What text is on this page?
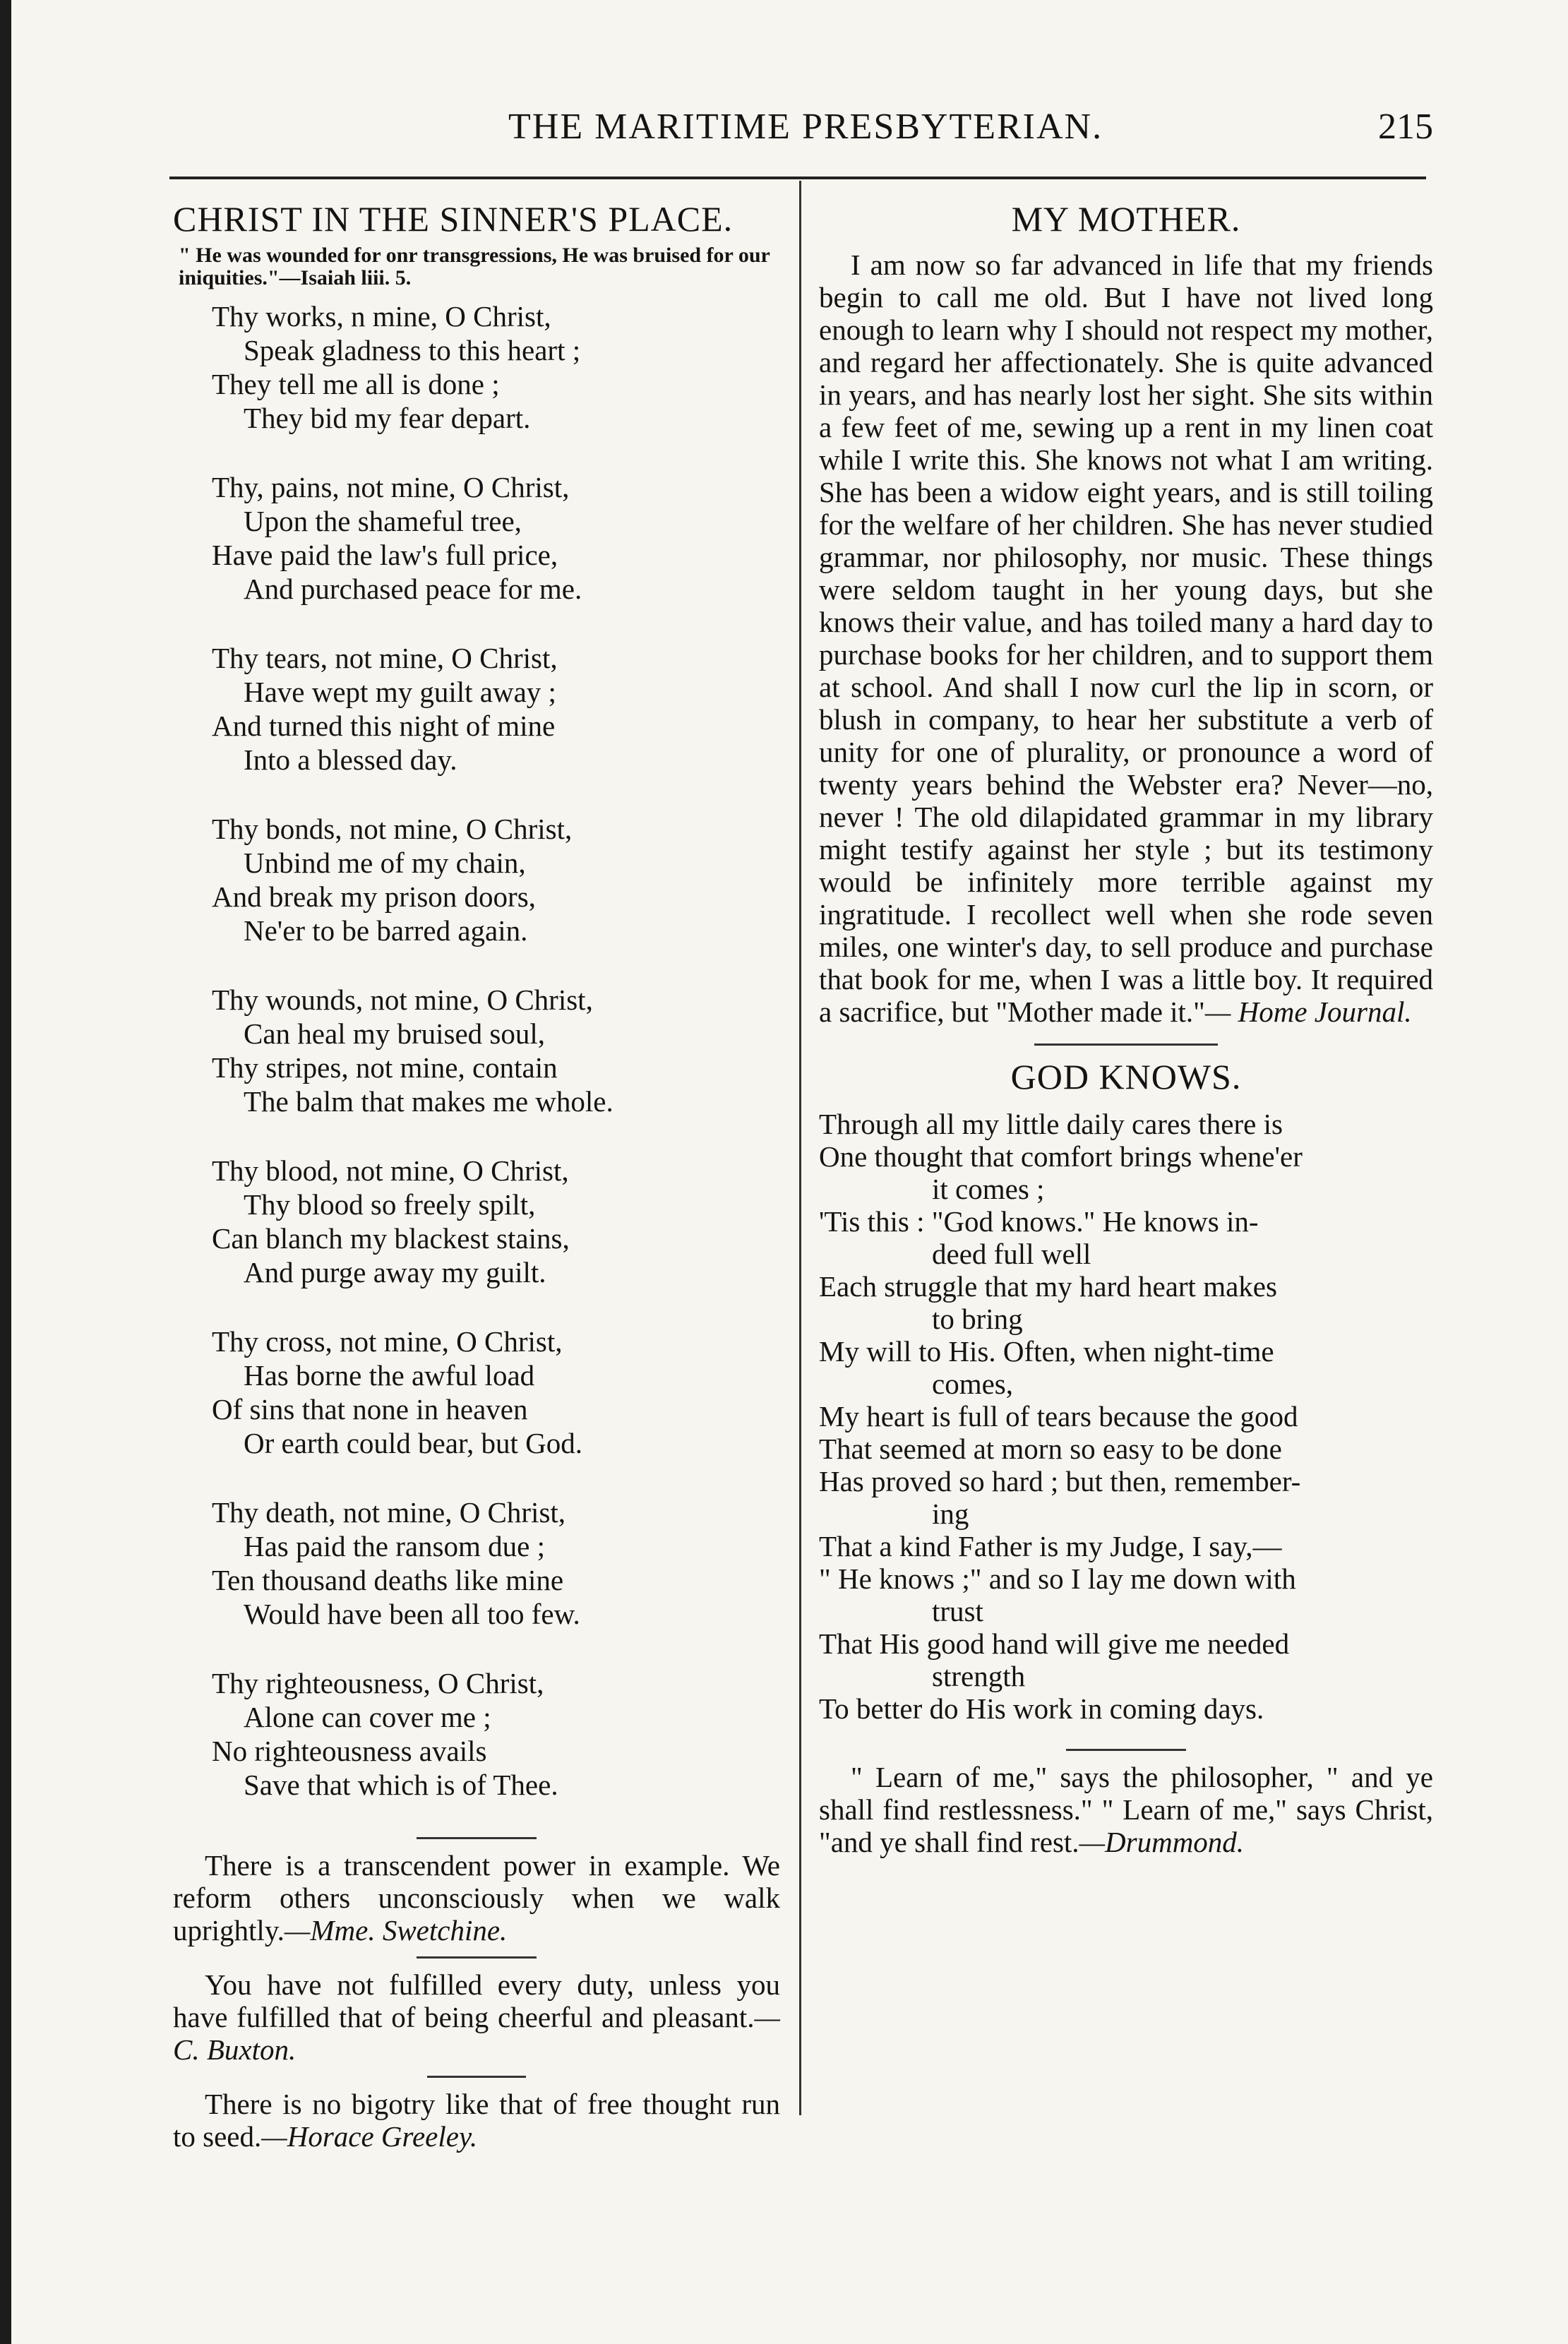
THE MARITIME PRESBYTERIAN.	215
CHRIST IN THE SINNER'S PLACE.
" He was wounded for onr transgressions, He was bruised for our iniquities."—Isaiah liii. 5.
Thy works, n mine, O Christ,
Speak gladness to this heart ;
They tell me all is done ;
They bid my fear depart.
Thy, pains, not mine, O Christ,
Upon the shameful tree,
Have paid the law's full price,
And purchased peace for me.
Thy tears, not mine, O Christ,
Have wept my guilt away ;
And turned this night of mine
Into a blessed day.
Thy bonds, not mine, O Christ,
Unbind me of my chain,
And break my prison doors,
Ne'er to be barred again.
Thy wounds, not mine, O Christ,
Can heal my bruised soul,
Thy stripes, not mine, contain
The balm that makes me whole.
Thy blood, not mine, O Christ,
Thy blood so freely spilt,
Can blanch my blackest stains,
And purge away my guilt.
Thy cross, not mine, O Christ,
Has borne the awful load
Of sins that none in heaven
Or earth could bear, but God.
Thy death, not mine, O Christ,
Has paid the ransom due ;
Ten thousand deaths like mine
Would have been all too few.
Thy righteousness, O Christ,
Alone can cover me ;
No righteousness avails
Save that which is of Thee.

There is a transcendent power in example. We reform others unconsciously when we walk uprightly.—Mme. Swetchine.

You have not fulfilled every duty, unless you have fulfilled that of being cheerful and pleasant.—C. Buxton.

There is no bigotry like that of free thought run to seed.—Horace Greeley.

MY MOTHER.

I am now so far advanced in life that my friends begin to call me old. But I have not lived long enough to learn why I should not respect my mother, and regard her affectionately. She is quite advanced in years, and has nearly lost her sight. She sits within a few feet of me, sewing up a rent in my linen coat while I write this. She knows not what I am writing. She has been a widow eight years, and is still toiling for the welfare of her children. She has never studied grammar, nor philosophy, nor music. These things were seldom taught in her young days, but she knows their value, and has toiled many a hard day to purchase books for her children, and to support them at school. And shall I now curl the lip in scorn, or blush in company, to hear her substitute a verb of unity for one of plurality, or pronounce a word of twenty years behind the Webster era? Never—no, never ! The old dilapidated grammar in my library might testify against her style ; but its testimony would be infinitely more terrible against my ingratitude. I recollect well when she rode seven miles, one winter's day, to sell produce and purchase that book for me, when I was a little boy. It required a sacrifice, but "Mother made it."— Home Journal.

GOD KNOWS.
Through all my little daily cares there is
One thought that comfort brings whene'er
it comes ;
'Tis this : "God knows." He knows in-
deed full well
Each struggle that my hard heart makes
to bring
My will to His. Often, when night-time
comes,
My heart is full of tears because the good
That seemed at morn so easy to be done
Has proved so hard ; but then, remember-
ing
That a kind Father is my Judge, I say,—
" He knows ;" and so I lay me down with
trust
That His good hand will give me needed
strength
To better do His work in coming days.

" Learn of me," says the philosopher, " and ye shall find restlessness." " Learn of me," says Christ, "and ye shall find rest.—Drummond.
